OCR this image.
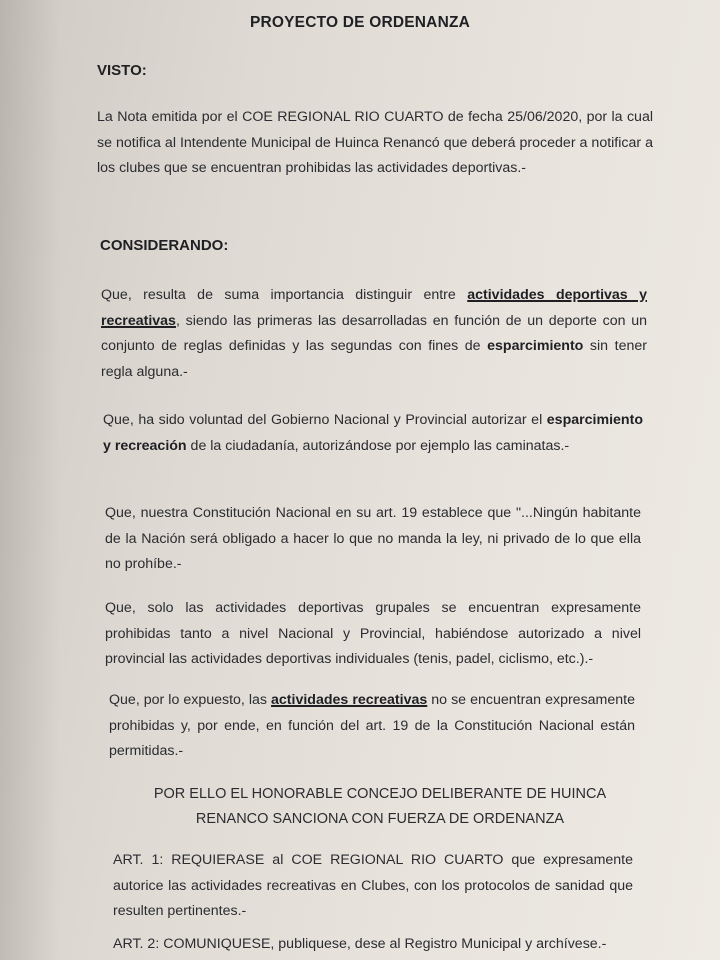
PROYECTO DE ORDENANZA
VISTO:
La Nota emitida por el COE REGIONAL RIO CUARTO de fecha 25/06/2020, por la cual se notifica al Intendente Municipal de Huinca Renancó que deberá proceder a notificar a los clubes que se encuentran prohibidas las actividades deportivas.-
CONSIDERANDO:
Que, resulta de suma importancia distinguir entre actividades deportivas y recreativas, siendo las primeras las desarrolladas en función de un deporte con un conjunto de reglas definidas y las segundas con fines de esparcimiento sin tener regla alguna.-
Que, ha sido voluntad del Gobierno Nacional y Provincial autorizar el esparcimiento y recreación de la ciudadanía, autorizándose por ejemplo las caminatas.-
Que, nuestra Constitución Nacional en su art. 19 establece que "...Ningún habitante de la Nación será obligado a hacer lo que no manda la ley, ni privado de lo que ella no prohíbe.-
Que, solo las actividades deportivas grupales se encuentran expresamente prohibidas tanto a nivel Nacional y Provincial, habiéndose autorizado a nivel provincial las actividades deportivas individuales (tenis, padel, ciclismo, etc.).-
Que, por lo expuesto, las actividades recreativas no se encuentran expresamente prohibidas y, por ende, en función del art. 19 de la Constitución Nacional están permitidas.-
POR ELLO EL HONORABLE CONCEJO DELIBERANTE DE HUINCA
RENANCO SANCIONA CON FUERZA DE ORDENANZA
ART. 1: REQUIERASE al COE REGIONAL RIO CUARTO que expresamente autorice las actividades recreativas en Clubes, con los protocolos de sanidad que resulten pertinentes.-
ART. 2: COMUNIQUESE, publiquese, dese al Registro Municipal y archívese.-
